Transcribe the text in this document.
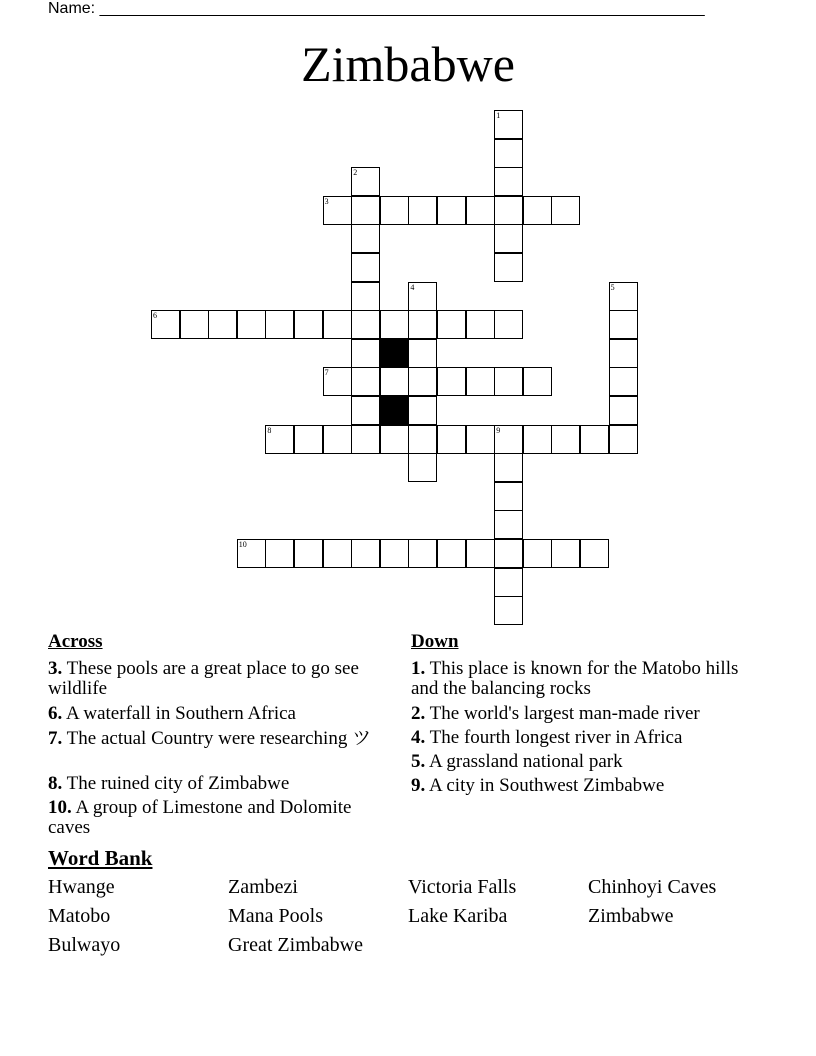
Name: ____________________________________________________________________
Zimbabwe
3
6
7
8	9
10
1
2
4	5
Across
3. These pools are a great place to go see wildlife
6. A waterfall in Southern Africa
7. The actual Country were researching ツ
8. The ruined city of Zimbabwe
10. A group of Limestone and Dolomite caves
Down
1. This place is known for the Matobo hills and the balancing rocks
2. The world's largest man-made river
4. The fourth longest river in Africa
5. A grassland national park
9. A city in Southwest Zimbabwe
Word Bank
Hwange	Zambezi	Victoria Falls	Chinhoyi Caves
Matobo	Mana Pools	Lake Kariba	Zimbabwe
Bulwayo	Great Zimbabwe
